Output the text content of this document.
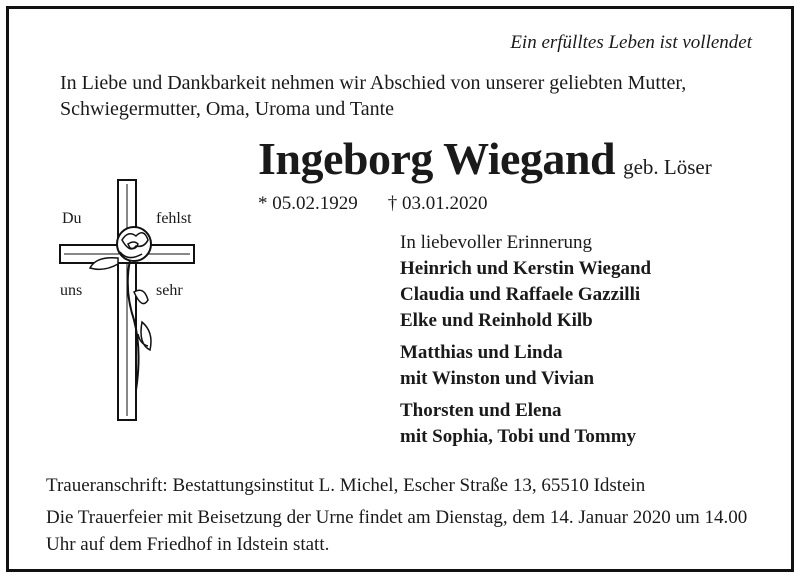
Ein erfülltes Leben ist vollendet
In Liebe und Dankbarkeit nehmen wir Abschied von unserer geliebten Mutter, Schwiegermutter, Oma, Uroma und Tante
Ingeborg Wiegand geb. Löser
* 05.02.1929 † 03.01.2020
Du	fehlst
uns	sehr
In liebevoller Erinnerung
Heinrich und Kerstin Wiegand
Claudia und Raffaele Gazzilli
Elke und Reinhold Kilb
Matthias und Linda
mit Winston und Vivian
Thorsten und Elena
mit Sophia, Tobi und Tommy

Traueranschrift: Bestattungsinstitut L. Michel, Escher Straße 13, 65510 Idstein

Die Trauerfeier mit Beisetzung der Urne findet am Dienstag, dem 14. Januar 2020 um 14.00 Uhr auf dem Friedhof in Idstein statt.
